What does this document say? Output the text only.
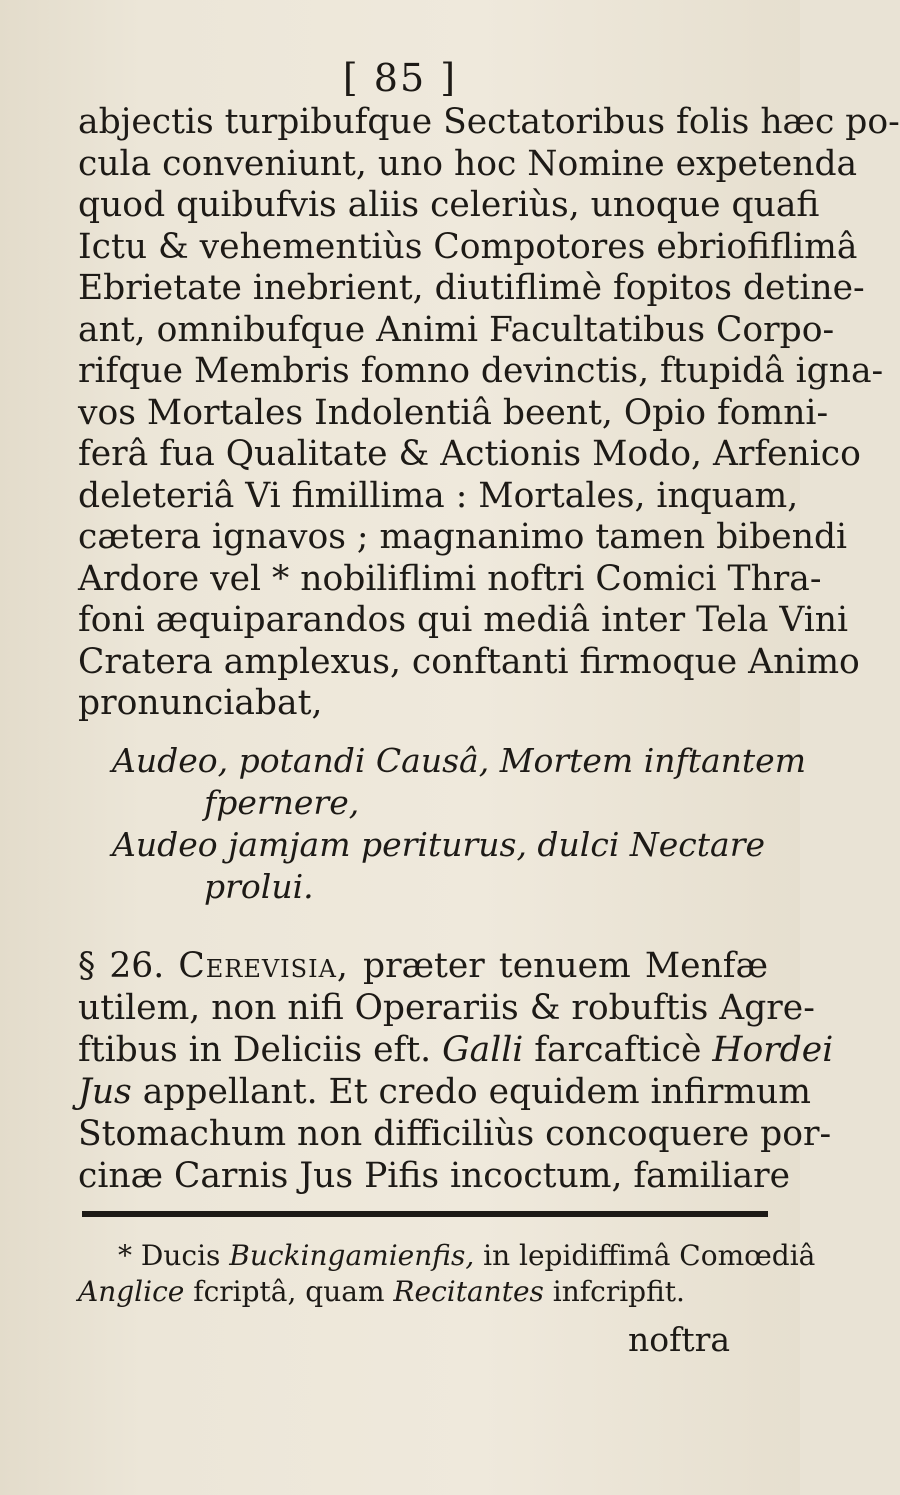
[ 85 ]
abjectis turpibufque Sectatoribus folis hæc po-
cula conveniunt, uno hoc Nomine expetenda
quod quibufvis aliis celeriùs, unoque quafi
Ictu & vehementiùs Compotores ebriofiflimâ
Ebrietate inebrient, diutiflimè fopitos detine-
ant, omnibufque Animi Facultatibus Corpo-
rifque Membris fomno devinctis, ftupidâ igna-
vos Mortales Indolentiâ beent, Opio fomni-
ferâ fua Qualitate & Actionis Modo, Arfenico
deleteriâ Vi fimillima : Mortales, inquam,
cætera ignavos ; magnanimo tamen bibendi
Ardore vel * nobiliflimi noftri Comici Thra-
foni æquiparandos qui mediâ inter Tela Vini
Cratera amplexus, conftanti firmoque Animo
pronunciabat,
Audeo, potandi Causâ, Mortem inftantem
fpernere,
Audeo jamjam periturus, dulci Nectare
prolui.
§ 26. Cerevisia, præter tenuem Menfæ
utilem, non nifi Operariis & robuftis Agre-
ftibus in Deliciis eft. Galli farcafticè Hordei
Jus appellant. Et credo equidem infirmum
Stomachum non difficiliùs concoquere por-
cinæ Carnis Jus Pifis incoctum, familiare
* Ducis Buckingamienfis, in lepidiffimâ Comœdiâ
Anglice fcriptâ, quam Recitantes infcripfit.
noftra
